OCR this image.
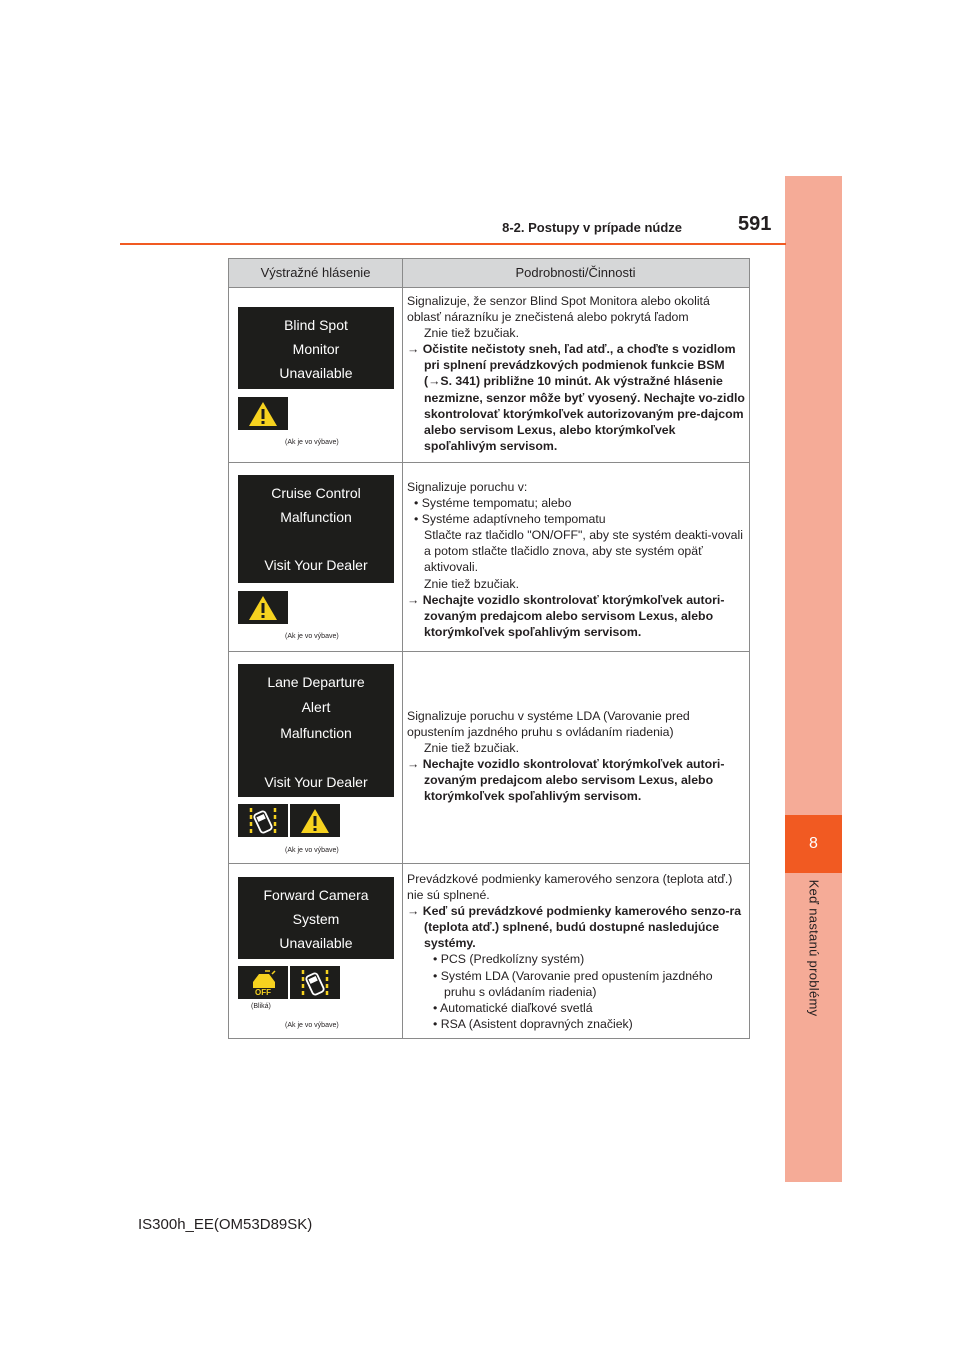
8
Keď nastanú problémy
8-2. Postupy v prípade núdze	591
Výstražné hlásenie	Podrobnosti/Činnosti
Blind Spot
Monitor
Unavailable
(Ak je vo výbave)

Signalizuje, že senzor Blind Spot Monitora alebo okolitá oblasť nárazníku je znečistená alebo pokrytá ľadom

Znie tiež bzučiak.

→ Očistite nečistoty sneh, ľad atď., a choďte s vozidlom pri splnení prevádzkových podmienok funkcie BSM (→S. 341) približne 10 minút. Ak výstražné hlásenie nezmizne, senzor môže byť vyosený. Nechajte vo-zidlo skontrolovať ktorýmkoľvek autorizovaným pre-dajcom alebo servisom Lexus, alebo ktorýmkoľvek spoľahlivým servisom.

Cruise Control
Malfunction
Visit Your Dealer
(Ak je vo výbave)

Signalizuje poruchu v:

• Systéme tempomatu; alebo

• Systéme adaptívneho tempomatu

Stlačte raz tlačidlo "ON/OFF", aby ste systém deakti-vovali a potom stlačte tlačidlo znova, aby ste systém opäť aktivovali.

Znie tiež bzučiak.

→ Nechajte vozidlo skontrolovať ktorýmkoľvek autori-zovaným predajcom alebo servisom Lexus, alebo ktorýmkoľvek spoľahlivým servisom.

Lane Departure
Alert
Malfunction
Visit Your Dealer
(Ak je vo výbave)

Signalizuje poruchu v systéme LDA (Varovanie pred opustením jazdného pruhu s ovládaním riadenia)

Znie tiež bzučiak.

→ Nechajte vozidlo skontrolovať ktorýmkoľvek autori-zovaným predajcom alebo servisom Lexus, alebo ktorýmkoľvek spoľahlivým servisom.

Forward Camera
System
Unavailable
OFF
(Bliká)
(Ak je vo výbave)

Prevádzkové podmienky kamerového senzora (teplota atď.) nie sú splnené.

→ Keď sú prevádzkové podmienky kamerového senzo-ra (teplota atď.) splnené, budú dostupné nasledujúce systémy.

• PCS (Predkolízny systém)

• Systém LDA (Varovanie pred opustením jazdného pruhu s ovládaním riadenia)

• Automatické diaľkové svetlá

• RSA (Asistent dopravných značiek)

IS300h_EE(OM53D89SK)
